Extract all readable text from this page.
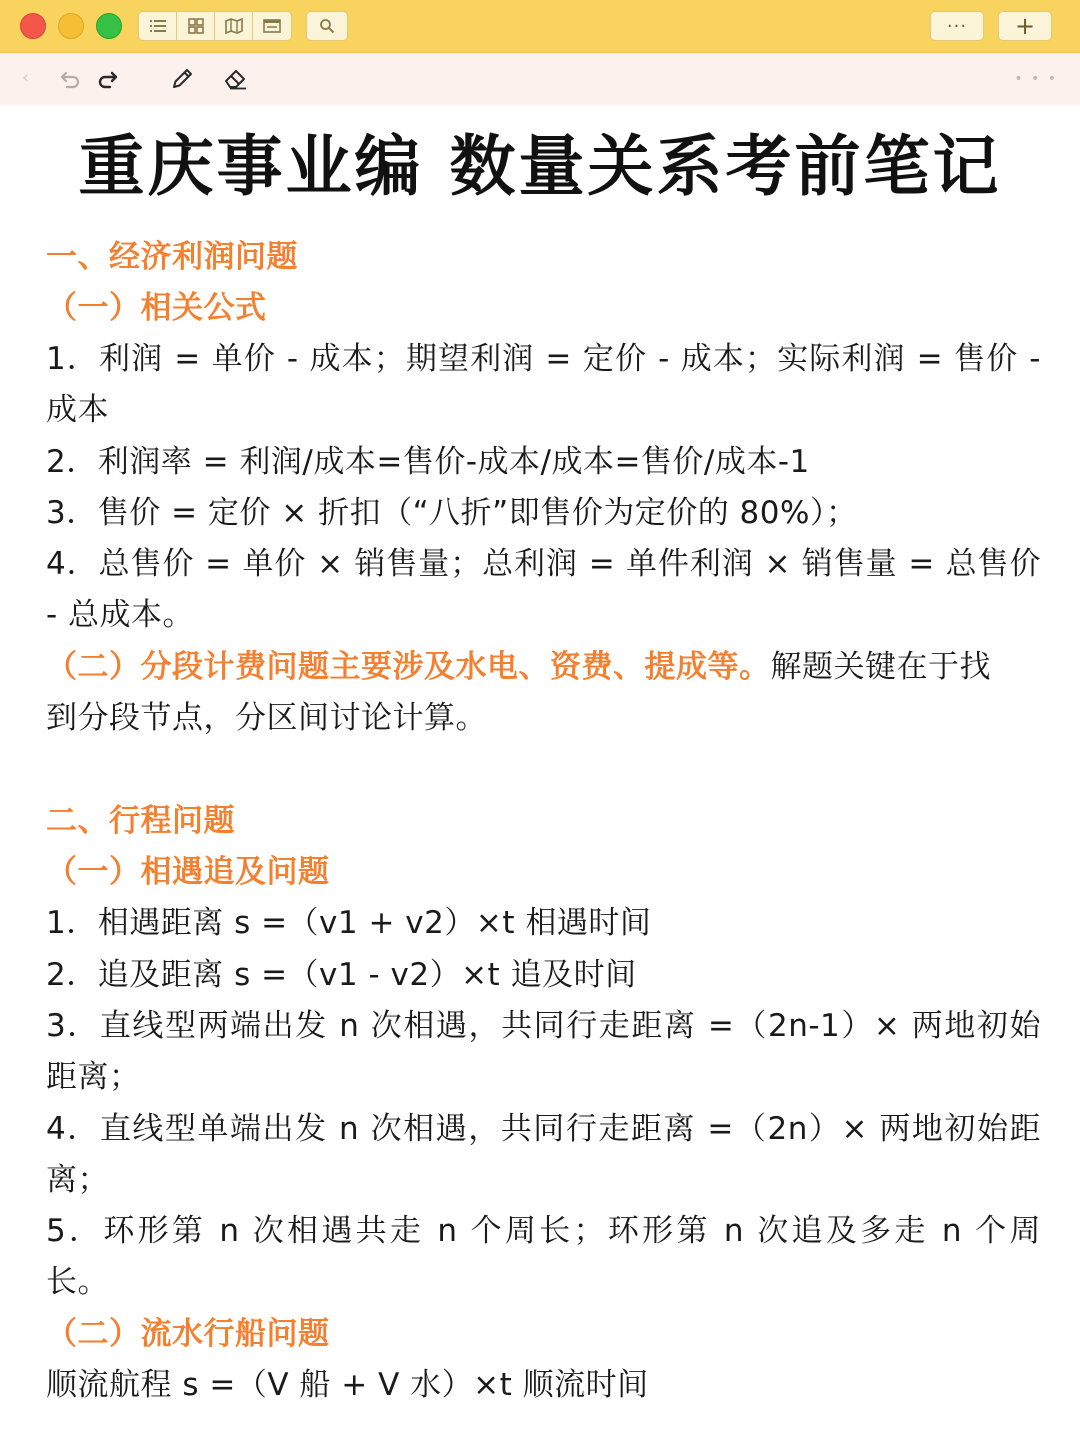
··· +
‹	• • •
重庆事业编 数量关系考前笔记
一、经济利润问题
（一）相关公式
1．利润 = 单价 - 成本；期望利润 = 定价 - 成本；实际利润 = 售价 -
成本
2．利润率 = 利润/成本=售价-成本/成本=售价/成本-1
3．售价 = 定价 × 折扣（“八折”即售价为定价的 80%）；
4．总售价 = 单价 × 销售量；总利润 = 单件利润 × 销售量 = 总售价
- 总成本。
（二）分段计费问题主要涉及水电、资费、提成等。解题关键在于找
到分段节点，分区间讨论计算。
二、行程问题
（一）相遇追及问题
1．相遇距离 s =（v1 + v2）×t 相遇时间
2．追及距离 s =（v1 - v2）×t 追及时间
3．直线型两端出发 n 次相遇，共同行走距离 =（2n-1）× 两地初始
距离；
4．直线型单端出发 n 次相遇，共同行走距离 =（2n）× 两地初始距
离；
5．环形第 n 次相遇共走 n 个周长；环形第 n 次追及多走 n 个周
长。
（二）流水行船问题
顺流航程 s =（V 船 + V 水）×t 顺流时间
